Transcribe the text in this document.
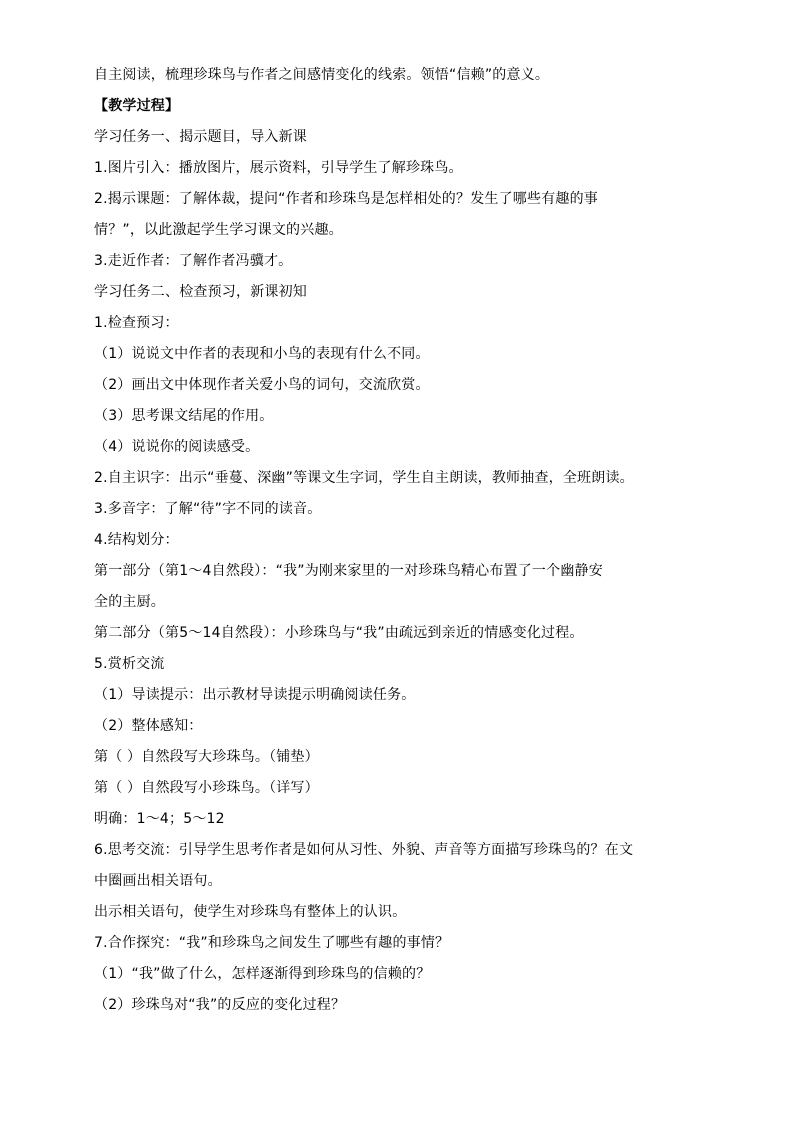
自主阅读，梳理珍珠鸟与作者之间感情变化的线索。领悟“信赖”的意义。
【教学过程】
学习任务一、揭示题目，导入新课
1.图片引入：播放图片，展示资料，引导学生了解珍珠鸟。
2.揭示课题：了解体裁，提问“作者和珍珠鸟是怎样相处的？发生了哪些有趣的事
情？”，以此激起学生学习课文的兴趣。
3.走近作者：了解作者冯骥才。
学习任务二、检查预习，新课初知
1.检查预习：
（1）说说文中作者的表现和小鸟的表现有什么不同。
（2）画出文中体现作者关爱小鸟的词句，交流欣赏。
（3）思考课文结尾的作用。
（4）说说你的阅读感受。
2.自主识字：出示“垂蔓、深幽”等课文生字词，学生自主朗读，教师抽查，全班朗读。
3.多音字：了解“待”字不同的读音。
4.结构划分：
第一部分（第1～4自然段）：“我”为刚来家里的一对珍珠鸟精心布置了一个幽静安
全的主厨。
第二部分（第5～14自然段）：小珍珠鸟与“我”由疏远到亲近的情感变化过程。
5.赏析交流
（1）导读提示：出示教材导读提示明确阅读任务。
（2）整体感知：
第（ ）自然段写大珍珠鸟。（铺垫）
第（ ）自然段写小珍珠鸟。（详写）
明确：1～4；5～12
6.思考交流：引导学生思考作者是如何从习性、外貌、声音等方面描写珍珠鸟的？在文
中圈画出相关语句。
出示相关语句，使学生对珍珠鸟有整体上的认识。
7.合作探究：“我”和珍珠鸟之间发生了哪些有趣的事情？
（1）“我”做了什么，怎样逐渐得到珍珠鸟的信赖的？
（2）珍珠鸟对“我”的反应的变化过程？
